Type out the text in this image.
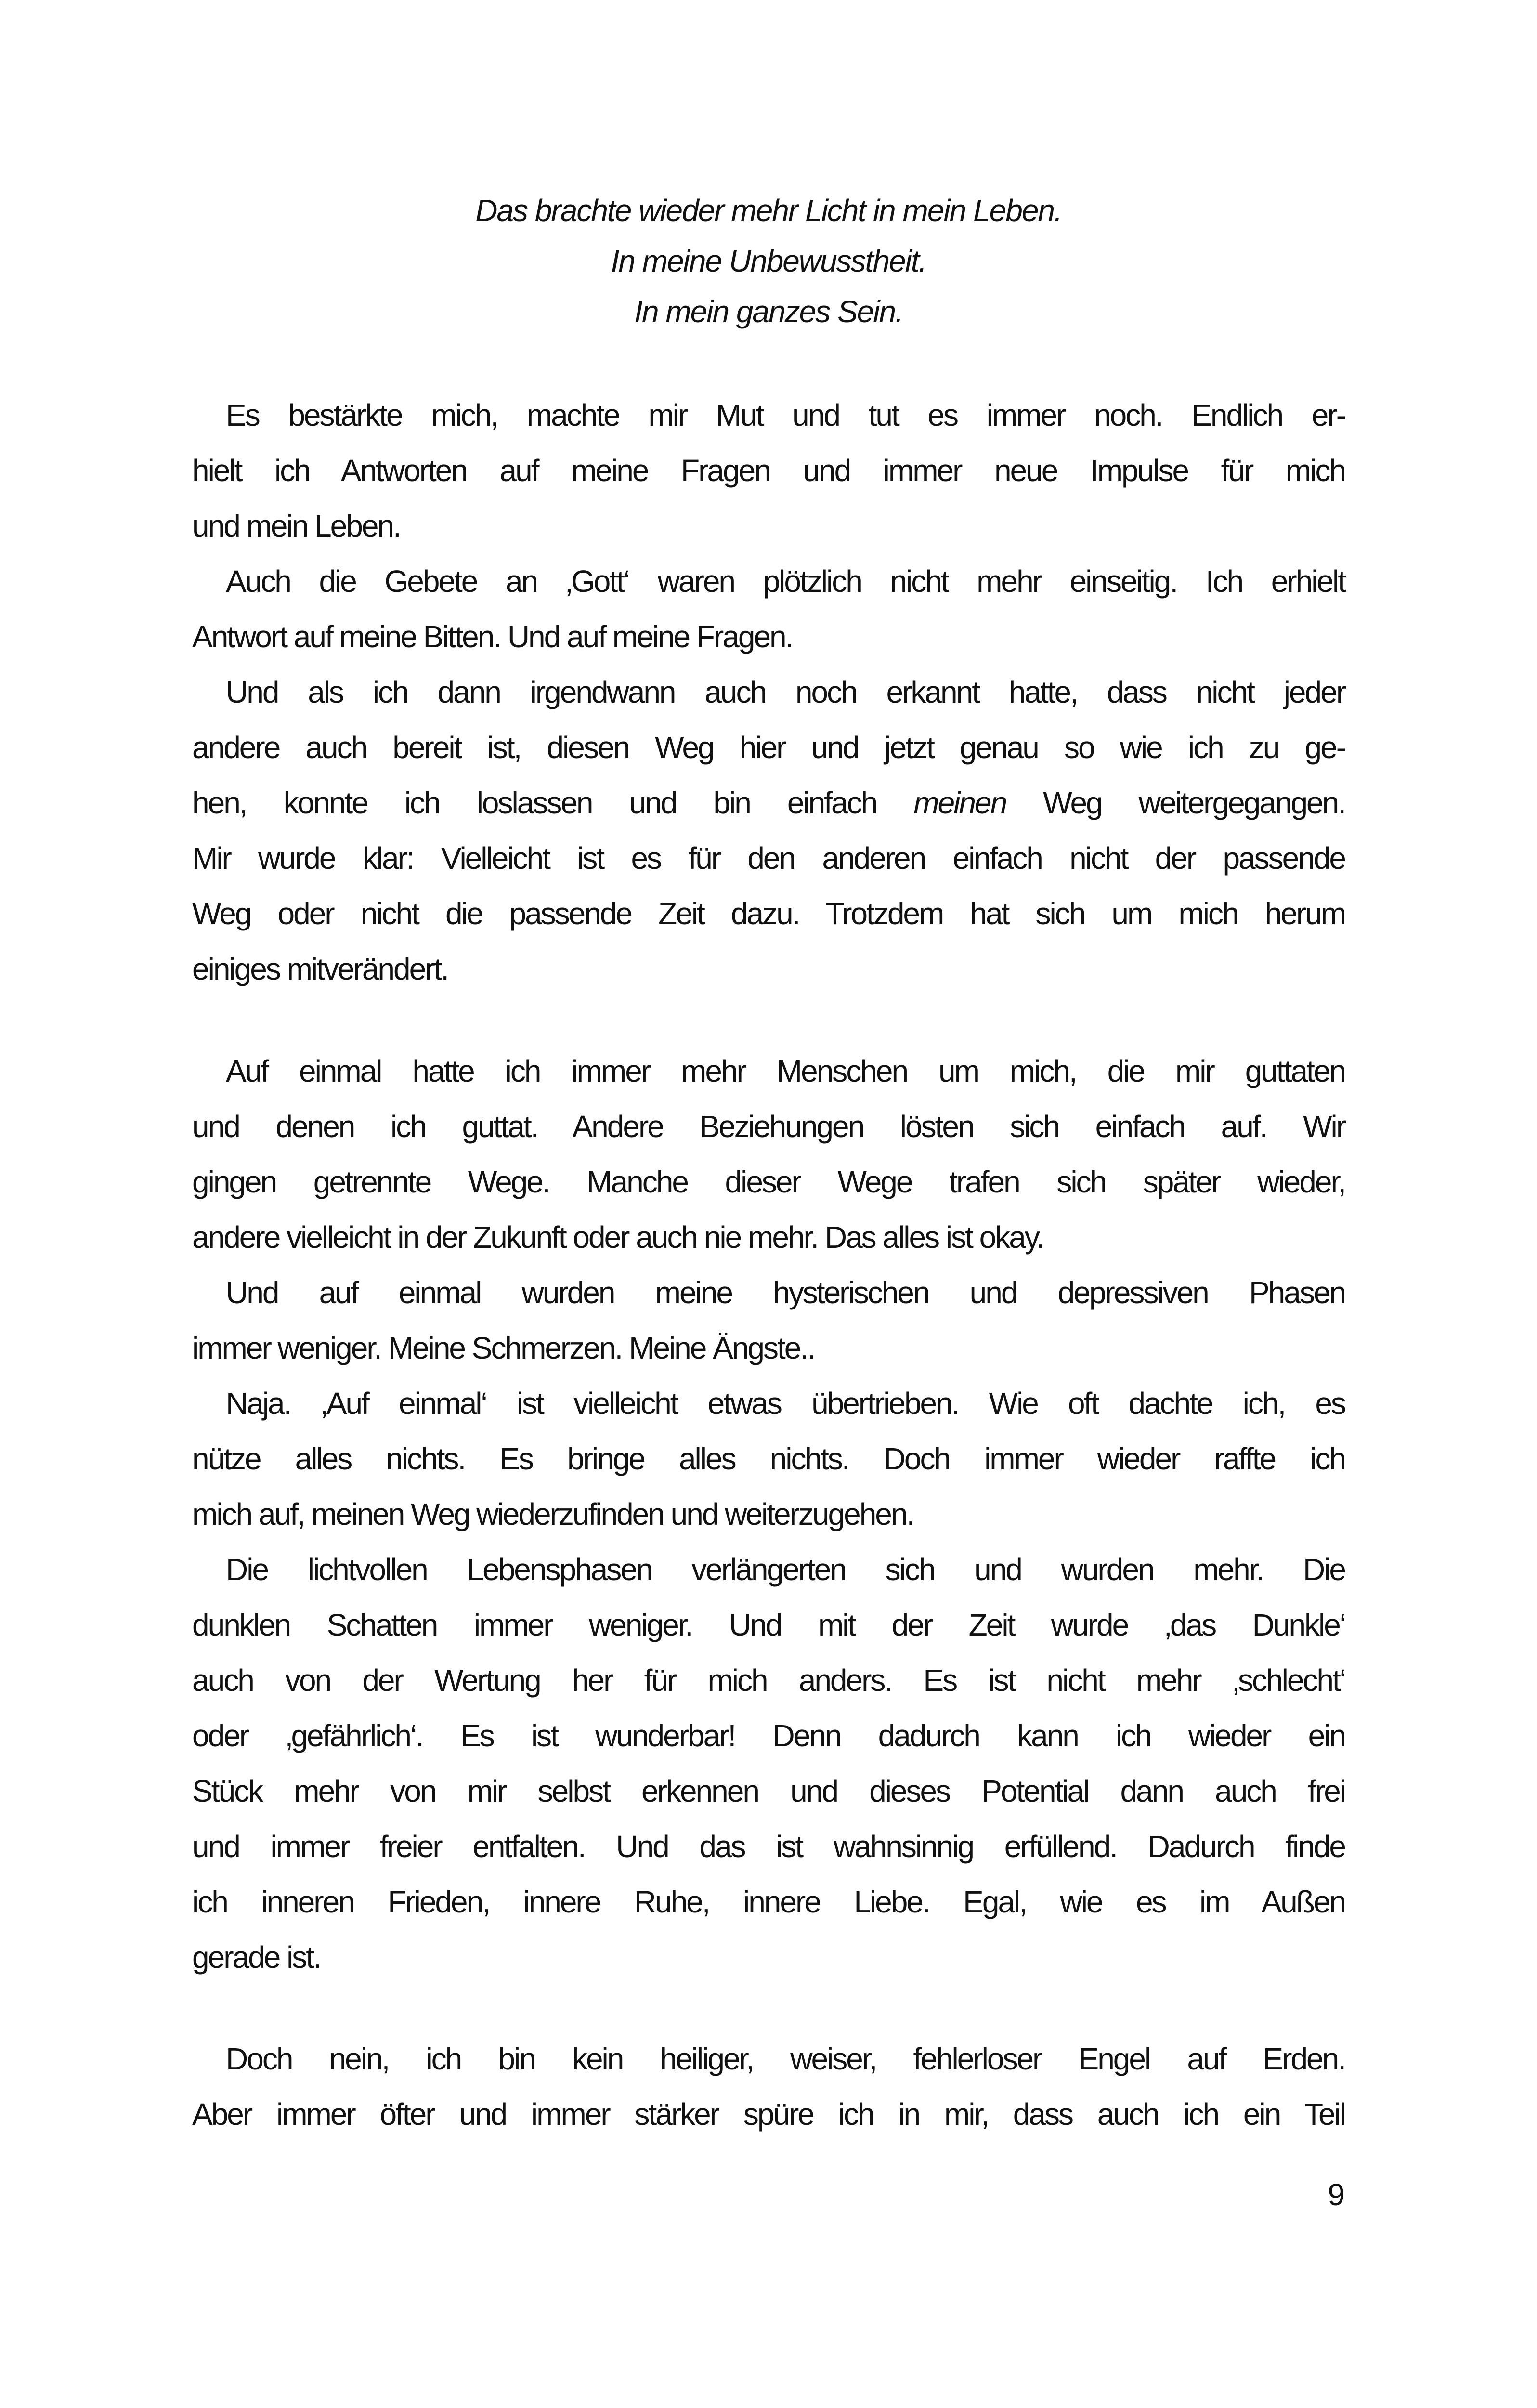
Das brachte wieder mehr Licht in mein Leben.
In meine Unbewusstheit.
In mein ganzes Sein.
Es bestärkte mich, machte mir Mut und tut es immer noch. Endlich er-
hielt ich Antworten auf meine Fragen und immer neue Impulse für mich
und mein Leben.
Auch die Gebete an ‚Gott‘ waren plötzlich nicht mehr einseitig. Ich erhielt
Antwort auf meine Bitten. Und auf meine Fragen.
Und als ich dann irgendwann auch noch erkannt hatte, dass nicht jeder
andere auch bereit ist, diesen Weg hier und jetzt genau so wie ich zu ge-
hen, konnte ich loslassen und bin einfach meinen Weg weitergegangen.
Mir wurde klar: Vielleicht ist es für den anderen einfach nicht der passende
Weg oder nicht die passende Zeit dazu. Trotzdem hat sich um mich herum
einiges mitverändert.
Auf einmal hatte ich immer mehr Menschen um mich, die mir guttaten
und denen ich guttat. Andere Beziehungen lösten sich einfach auf. Wir
gingen getrennte Wege. Manche dieser Wege trafen sich später wieder,
andere vielleicht in der Zukunft oder auch nie mehr. Das alles ist okay.
Und auf einmal wurden meine hysterischen und depressiven Phasen
immer weniger. Meine Schmerzen. Meine Ängste..
Naja. ‚Auf einmal‘ ist vielleicht etwas übertrieben. Wie oft dachte ich, es
nütze alles nichts. Es bringe alles nichts. Doch immer wieder raffte ich
mich auf, meinen Weg wiederzufinden und weiterzugehen.
Die lichtvollen Lebensphasen verlängerten sich und wurden mehr. Die
dunklen Schatten immer weniger. Und mit der Zeit wurde ‚das Dunkle‘
auch von der Wertung her für mich anders. Es ist nicht mehr ‚schlecht‘
oder ‚gefährlich‘. Es ist wunderbar! Denn dadurch kann ich wieder ein
Stück mehr von mir selbst erkennen und dieses Potential dann auch frei
und immer freier entfalten. Und das ist wahnsinnig erfüllend. Dadurch finde
ich inneren Frieden, innere Ruhe, innere Liebe. Egal, wie es im Außen
gerade ist.
Doch nein, ich bin kein heiliger, weiser, fehlerloser Engel auf Erden.
Aber immer öfter und immer stärker spüre ich in mir, dass auch ich ein Teil
9
